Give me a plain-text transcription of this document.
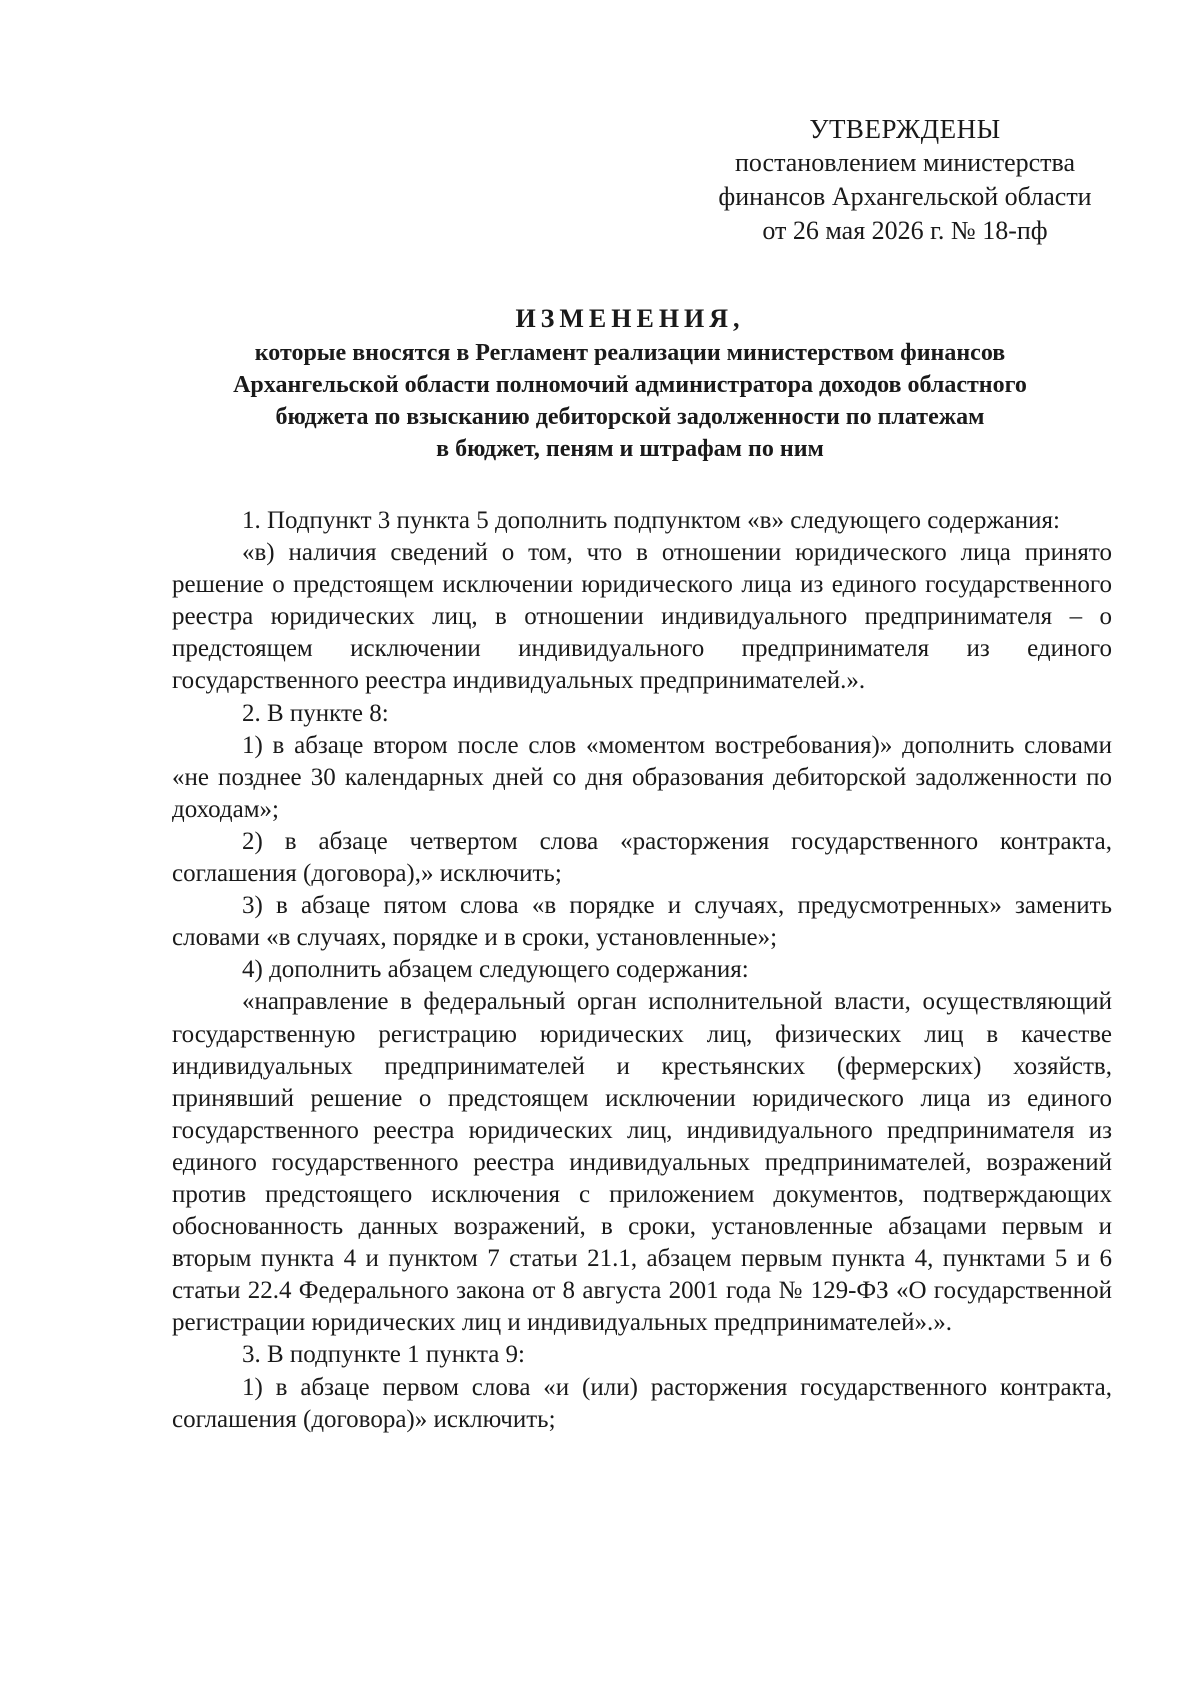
УТВЕРЖДЕНЫ
постановлением министерства
финансов Архангельской области
от 26 мая 2026 г. № 18-пф
ИЗМЕНЕНИЯ,
которые вносятся в Регламент реализации министерством финансов
Архангельской области полномочий администратора доходов областного
бюджета по взысканию дебиторской задолженности по платежам
в бюджет, пеням и штрафам по ним

1. Подпункт 3 пункта 5 дополнить подпунктом «в» следующего содержания:

«в) наличия сведений о том, что в отношении юридического лица принято решение о предстоящем исключении юридического лица из единого государственного реестра юридических лиц, в отношении индивидуального предпринимателя – о предстоящем исключении индивидуального предпринимателя из единого государственного реестра индивидуальных предпринимателей.».

2. В пункте 8:

1) в абзаце втором после слов «моментом востребования)» дополнить словами «не позднее 30 календарных дней со дня образования дебиторской задолженности по доходам»;

2) в абзаце четвертом слова «расторжения государственного контракта, соглашения (договора),» исключить;

3) в абзаце пятом слова «в порядке и случаях, предусмотренных» заменить словами «в случаях, порядке и в сроки, установленные»;

4) дополнить абзацем следующего содержания:

«направление в федеральный орган исполнительной власти, осуществляющий государственную регистрацию юридических лиц, физических лиц в качестве индивидуальных предпринимателей и крестьянских (фермерских) хозяйств, принявший решение о предстоящем исключении юридического лица из единого государственного реестра юридических лиц, индивидуального предпринимателя из единого государственного реестра индивидуальных предпринимателей, возражений против предстоящего исключения с приложением документов, подтверждающих обоснованность данных возражений, в сроки, установленные абзацами первым и вторым пункта 4 и пунктом 7 статьи 21.1, абзацем первым пункта 4, пунктами 5 и 6 статьи 22.4 Федерального закона от 8 августа 2001 года № 129-ФЗ «О государственной регистрации юридических лиц и индивидуальных предпринимателей».».

3. В подпункте 1 пункта 9:

1) в абзаце первом слова «и (или) расторжения государственного контракта, соглашения (договора)» исключить;
